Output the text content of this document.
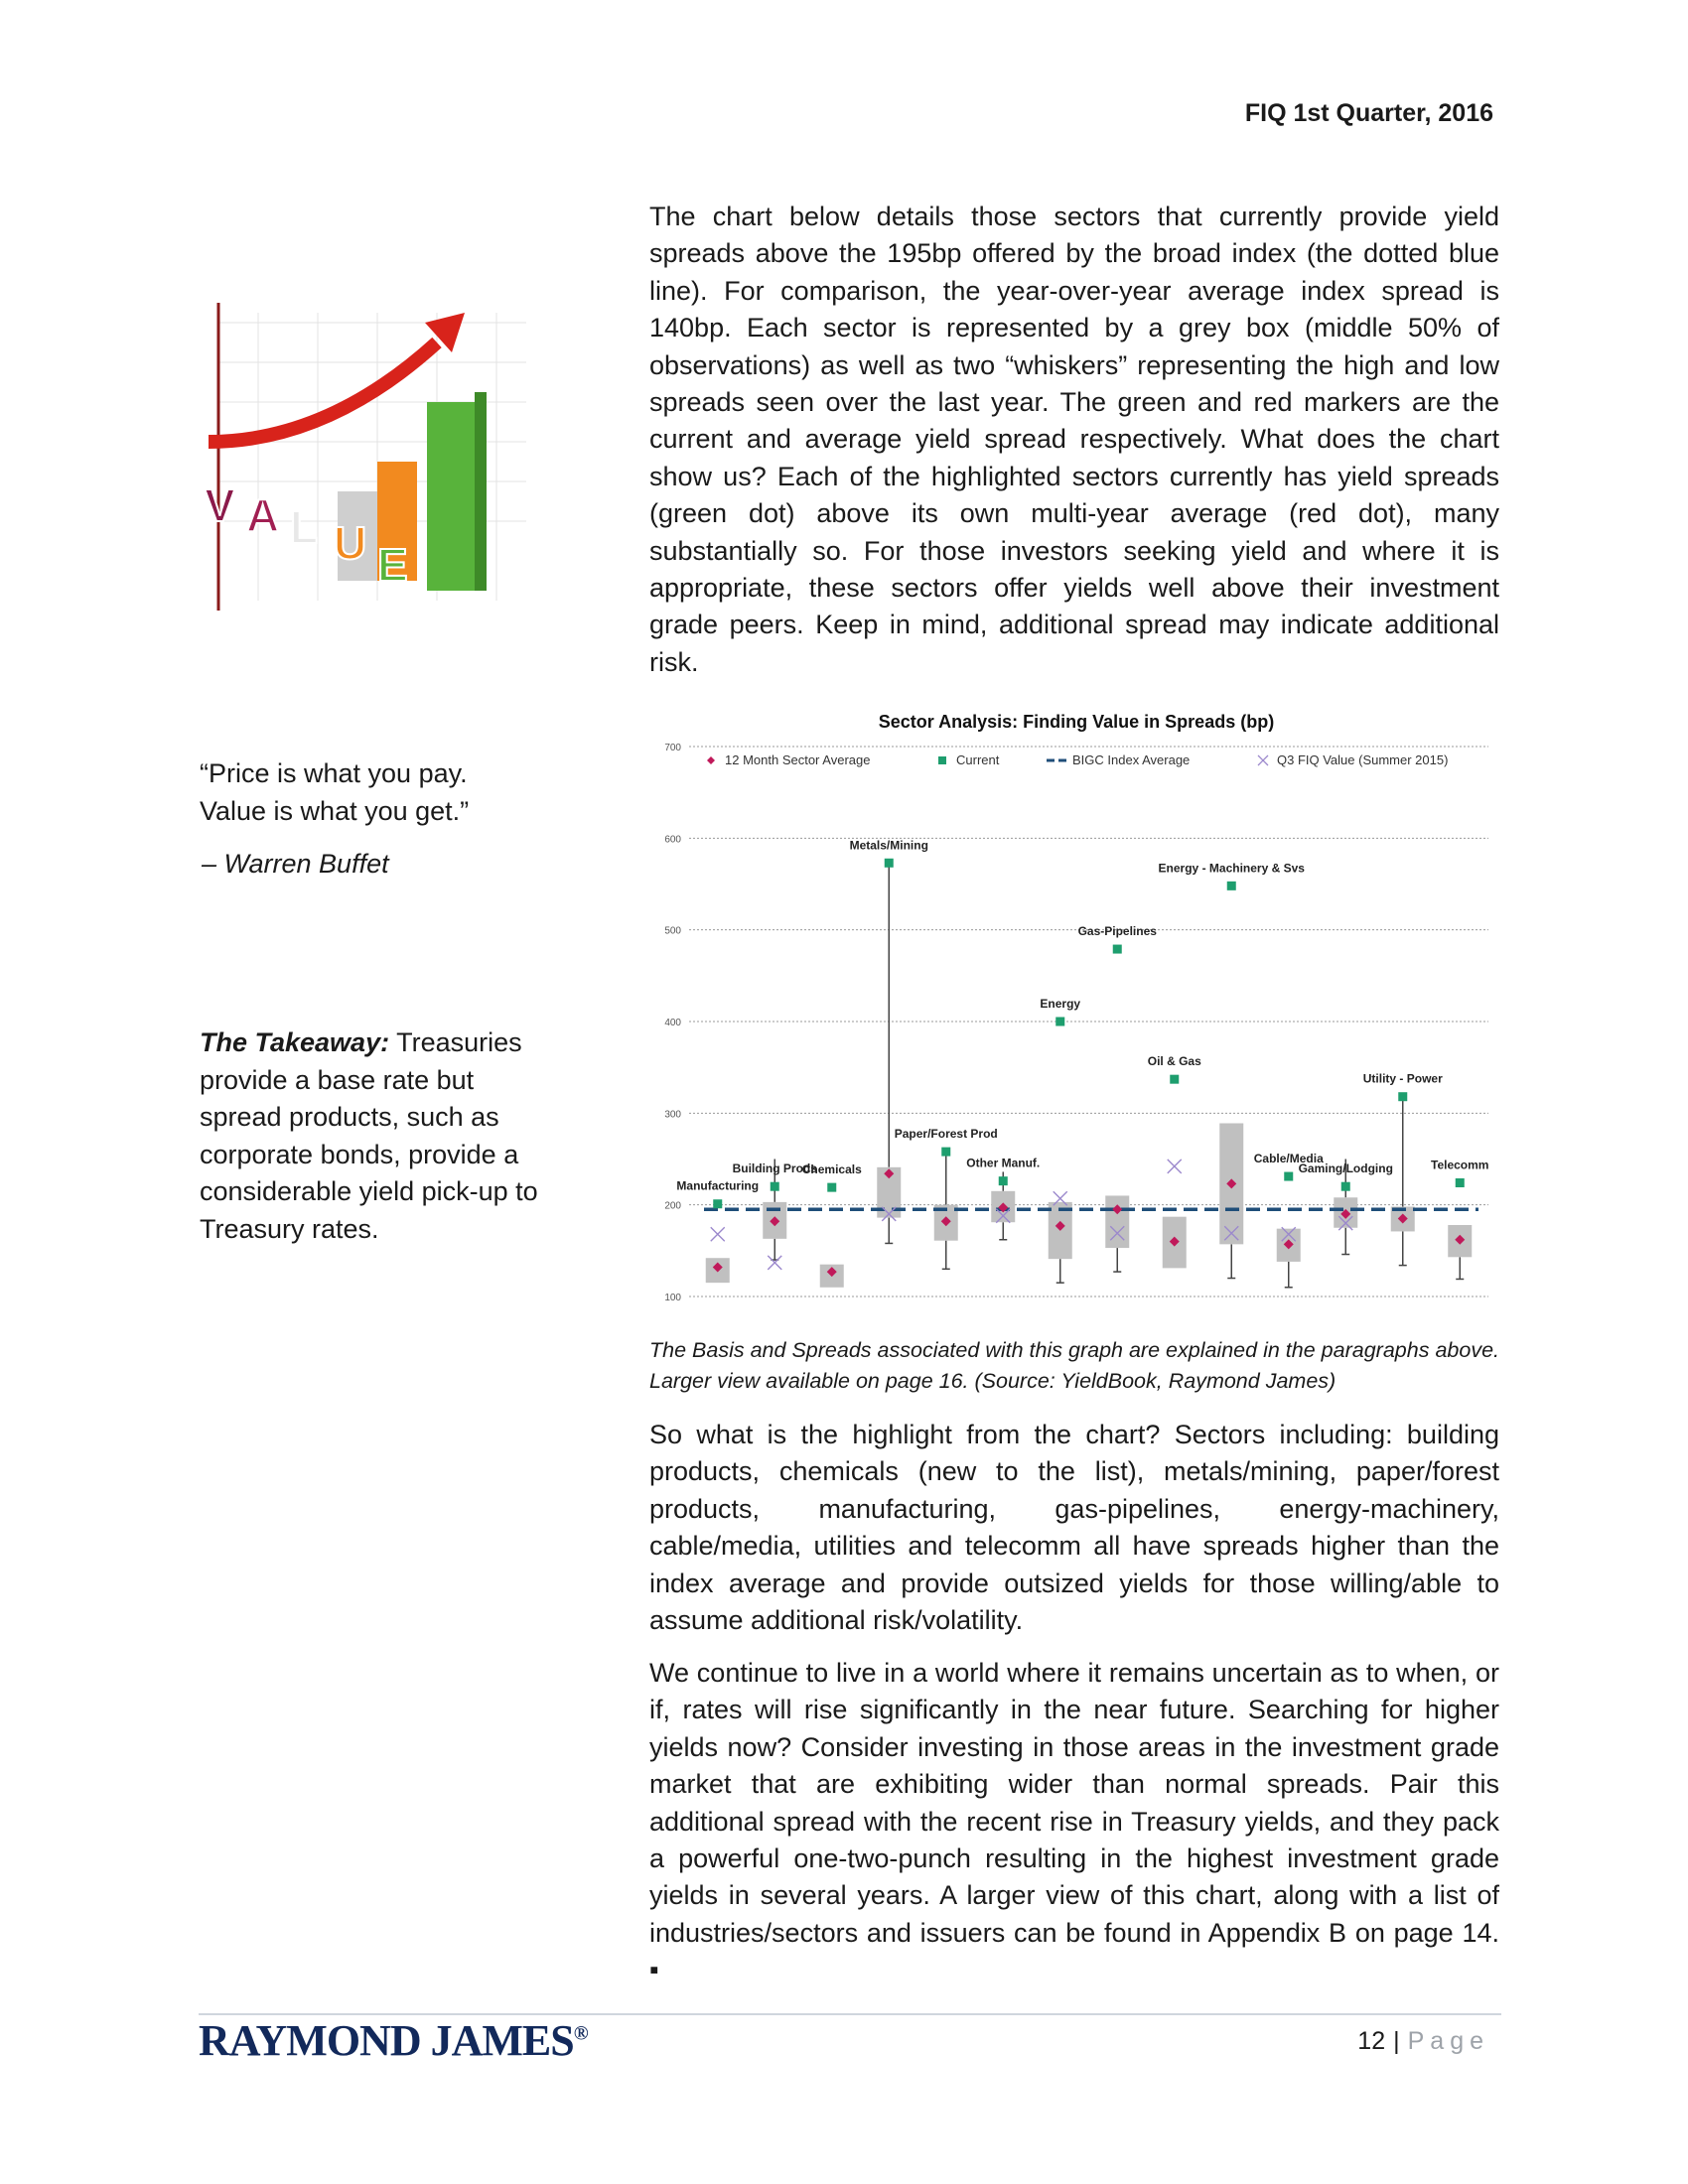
FIQ 1st Quarter, 2016
V A L U E
The chart below details those sectors that currently provide yield spreads above the 195bp offered by the broad index (the dotted blue line). For comparison, the year-over-year average index spread is 140bp. Each sector is represented by a grey box (middle 50% of observations) as well as two “whiskers” representing the high and low spreads seen over the last year. The green and red markers are the current and average yield spread respectively. What does the chart show us? Each of the highlighted sectors currently has yield spreads (green dot) above its own multi-year average (red dot), many substantially so. For those investors seeking yield and where it is appropriate, these sectors offer yields well above their investment grade peers. Keep in mind, additional spread may indicate additional risk.
“Price is what you pay.
Value is what you get.”
– Warren Buffet
The Takeaway: Treasuries provide a base rate but spread products, such as corporate bonds, provide a considerable yield pick-up to Treasury rates.
Sector Analysis: Finding Value in Spreads (bp)
12 Month Sector Average	Current	BIGC Index Average	Q3 FIQ Value (Summer 2015)
100
200
300
400
500
600
700
Manufacturing
Building Prods
Chemicals
Metals/Mining
Paper/Forest Prod
Other Manuf.
Energy
Gas-Pipelines
Oil & Gas
Energy - Machinery & Svs
Cable/Media
Gaming/Lodging
Utility - Power
Telecomm
The Basis and Spreads associated with this graph are explained in the paragraphs above. Larger view available on page 16. (Source: YieldBook, Raymond James)
So what is the highlight from the chart? Sectors including: building products, chemicals (new to the list), metals/mining, paper/forest products, manufacturing, gas-pipelines, energy-machinery, cable/media, utilities and telecomm all have spreads higher than the index average and provide outsized yields for those willing/able to assume additional risk/volatility.
We continue to live in a world where it remains uncertain as to when, or if, rates will rise significantly in the near future. Searching for higher yields now? Consider investing in those areas in the investment grade market that are exhibiting wider than normal spreads. Pair this additional spread with the recent rise in Treasury yields, and they pack a powerful one-two-punch resulting in the highest investment grade yields in several years. A larger view of this chart, along with a list of industries/sectors and issuers can be found in Appendix B on page 14. ▪
RAYMOND JAMES®	12 | Page
